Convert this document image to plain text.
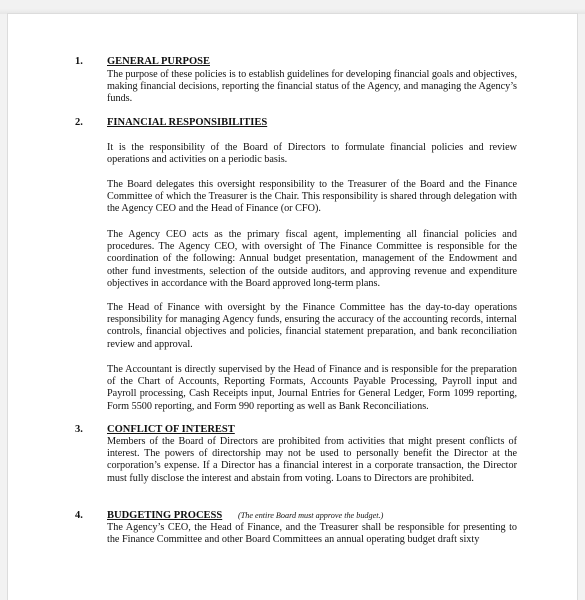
1. GENERAL PURPOSE

The purpose of these policies is to establish guidelines for developing financial goals and objectives, making financial decisions, reporting the financial status of the Agency, and managing the Agency’s funds.

2. FINANCIAL RESPONSIBILITIES

It is the responsibility of the Board of Directors to formulate financial policies and review operations and activities on a periodic basis.

The Board delegates this oversight responsibility to the Treasurer of the Board and the Finance Committee of which the Treasurer is the Chair. This responsibility is shared through delegation with the Agency CEO and the Head of Finance (or CFO).

The Agency CEO acts as the primary fiscal agent, implementing all financial policies and procedures. The Agency CEO, with oversight of The Finance Committee is responsible for the coordination of the following: Annual budget presentation, management of the Endowment and other fund investments, selection of the outside auditors, and approving revenue and expenditure objectives in accordance with the Board approved long-term plans.

The Head of Finance with oversight by the Finance Committee has the day-to-day operations responsibility for managing Agency funds, ensuring the accuracy of the accounting records, internal controls, financial objectives and policies, financial statement preparation, and bank reconciliation review and approval.

The Accountant is directly supervised by the Head of Finance and is responsible for the preparation of the Chart of Accounts, Reporting Formats, Accounts Payable Processing, Payroll input and Payroll processing, Cash Receipts input, Journal Entries for General Ledger, Form 1099 reporting, Form 5500 reporting, and Form 990 reporting as well as Bank Reconciliations.

3. CONFLICT OF INTEREST

Members of the Board of Directors are prohibited from activities that might present conflicts of interest. The powers of directorship may not be used to personally benefit the Director at the corporation’s expense. If a Director has a financial interest in a corporate transaction, the Director must fully disclose the interest and abstain from voting. Loans to Directors are prohibited.

4. BUDGETING PROCESS (The entire Board must approve the budget.)

The Agency’s CEO, the Head of Finance, and the Treasurer shall be responsible for presenting to the Finance Committee and other Board Committees an annual operating budget draft sixty
